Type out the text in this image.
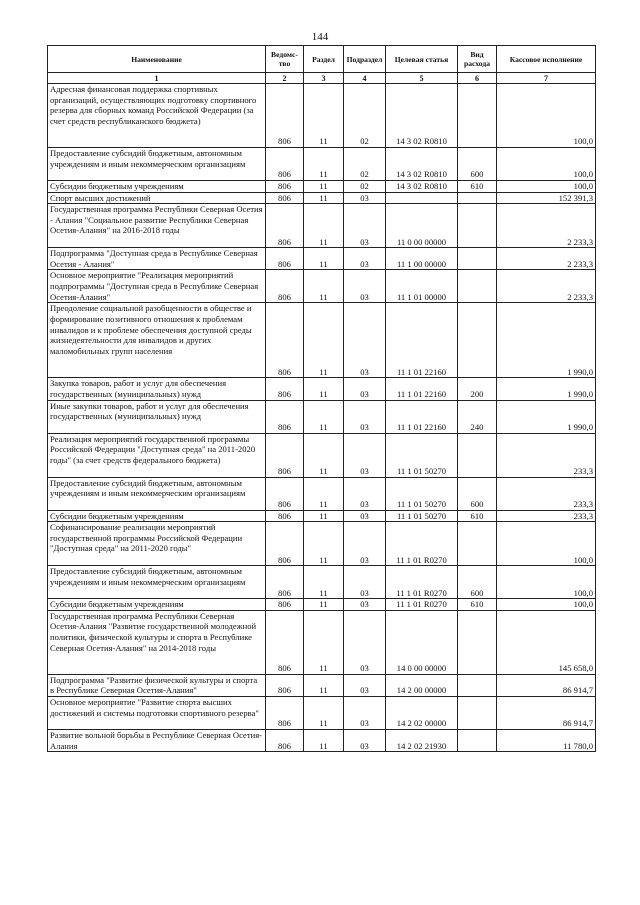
144
Наименование	Ведомс-тво	Раздел	Подраздел	Целевая статья	Вид расхода	Кассовое исполнение
1	2	3	4	5	6	7
Адресная финансовая поддержка спортивных организаций, осуществляющих подготовку спортивного резерва для сборных команд Российской Федерации (за счет средств республиканского бюджета)	806	11	02	14 3 02 R0810		100,0
Предоставление субсидий бюджетным, автономным учреждениям и иным некоммерческим организациям	806	11	02	14 3 02 R0810	600	100,0
Субсидии бюджетным учреждениям	806	11	02	14 3 02 R0810	610	100,0
Спорт высших достижений	806	11	03			152 391,3
Государственная программа Республики Северная Осетия - Алания "Социальное развитие Республики Северная Осетия-Алания" на 2016-2018 годы	806	11	03	11 0 00 00000		2 233,3
Подпрограмма "Доступная среда в Республике Северная Осетия - Алания"	806	11	03	11 1 00 00000		2 233,3
Основное мероприятие "Реализация мероприятий подпрограммы "Доступная среда в Республике Северная Осетия-Алания"	806	11	03	11 1 01 00000		2 233,3
Преодоление социальной разобщенности в обществе и формирование позитивного отношения к проблемам инвалидов и к проблеме обеспечения доступной среды жизнедеятельности для инвалидов и других маломобильных групп населения	806	11	03	11 1 01 22160		1 990,0
Закупка товаров, работ и услуг для обеспечения государственных (муниципальных) нужд	806	11	03	11 1 01 22160	200	1 990,0
Иные закупки товаров, работ и услуг для обеспечения государственных (муниципальных) нужд	806	11	03	11 1 01 22160	240	1 990,0
Реализация мероприятий государственной программы Российской Федерации "Доступная среда" на 2011-2020 годы" (за счет средств федерального бюджета)	806	11	03	11 1 01 50270		233,3
Предоставление субсидий бюджетным, автономным учреждениям и иным некоммерческим организациям	806	11	03	11 1 01 50270	600	233,3
Субсидии бюджетным учреждениям	806	11	03	11 1 01 50270	610	233,3
Софинансирование реализации мероприятий государственной программы Российской Федерации "Доступная среда" на 2011-2020 годы"	806	11	03	11 1 01 R0270		100,0
Предоставление субсидий бюджетным, автономным учреждениям и иным некоммерческим организациям	806	11	03	11 1 01 R0270	600	100,0
Субсидии бюджетным учреждениям	806	11	03	11 1 01 R0270	610	100,0
Государственная программа Республики Северная Осетия-Алания "Развитие государственной молодежной политики, физической культуры и спорта в Республике Северная Осетия-Алания" на 2014-2018 годы	806	11	03	14 0 00 00000		145 658,0
Подпрограмма "Развитие физической культуры и спорта в Республике Северная Осетия-Алания"	806	11	03	14 2 00 00000		86 914,7
Основное мероприятие "Развитие спорта высших достижений и системы подготовки спортивного резерва"	806	11	03	14 2 02 00000		86 914,7
Развитие вольной борьбы в Республике Северная Осетия-Алания	806	11	03	14 2 02 21930		11 780,0
